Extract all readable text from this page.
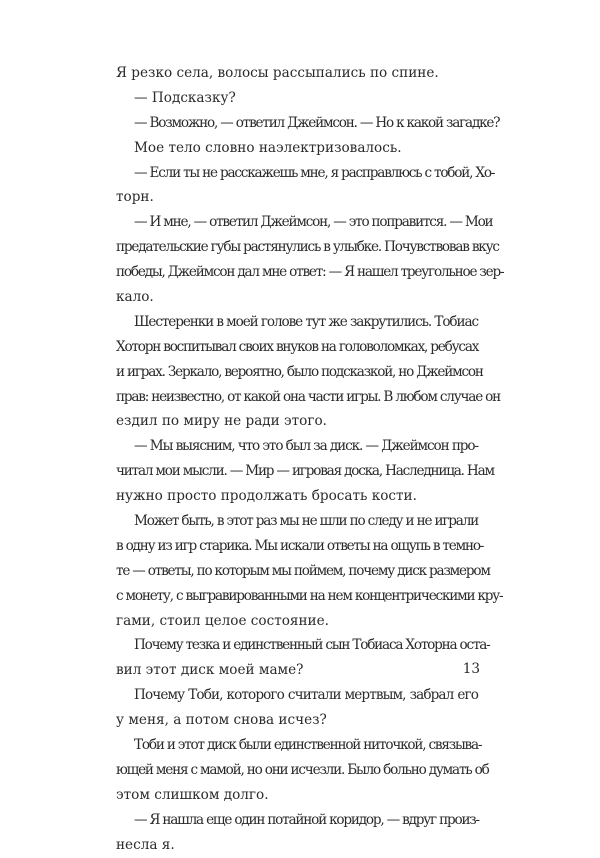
Я резко села, волосы рассыпались по спине.
— Подсказку?
— Возможно, — ответил Джеймсон. — Но к какой загадке?
Мое тело словно наэлектризовалось.
— Если ты не расскажешь мне, я расправлюсь с тобой, Хо-
торн.
— И мне, — ответил Джеймсон, — это поправится. — Мои
предательские губы растянулись в улыбке. Почувствовав вкус
победы, Джеймсон дал мне ответ: — Я нашел треугольное зер-
кало.
Шестеренки в моей голове тут же закрутились. Тобиас
Хоторн воспитывал своих внуков на головоломках, ребусах
и играх. Зеркало, вероятно, было подсказкой, но Джеймсон
прав: неизвестно, от какой она части игры. В любом случае он
ездил по миру не ради этого.
— Мы выясним, что это был за диск. — Джеймсон про-
читал мои мысли. — Мир — игровая доска, Наследница. Нам
нужно просто продолжать бросать кости.
Может быть, в этот раз мы не шли по следу и не играли
в одну из игр старика. Мы искали ответы на ощупь в темно-
те — ответы, по которым мы поймем, почему диск размером
с монету, с выгравированными на нем концентрическими кру-
гами, стоил целое состояние.
Почему тезка и единственный сын Тобиаса Хоторна оста-
вил этот диск моей маме?
Почему Тоби, которого считали мертвым, забрал его
у меня, а потом снова исчез?
Тоби и этот диск были единственной ниточкой, связыва-
ющей меня с мамой, но они исчезли. Было больно думать об
этом слишком долго.
— Я нашла еще один потайной коридор, — вдруг произ-
несла я.
13
